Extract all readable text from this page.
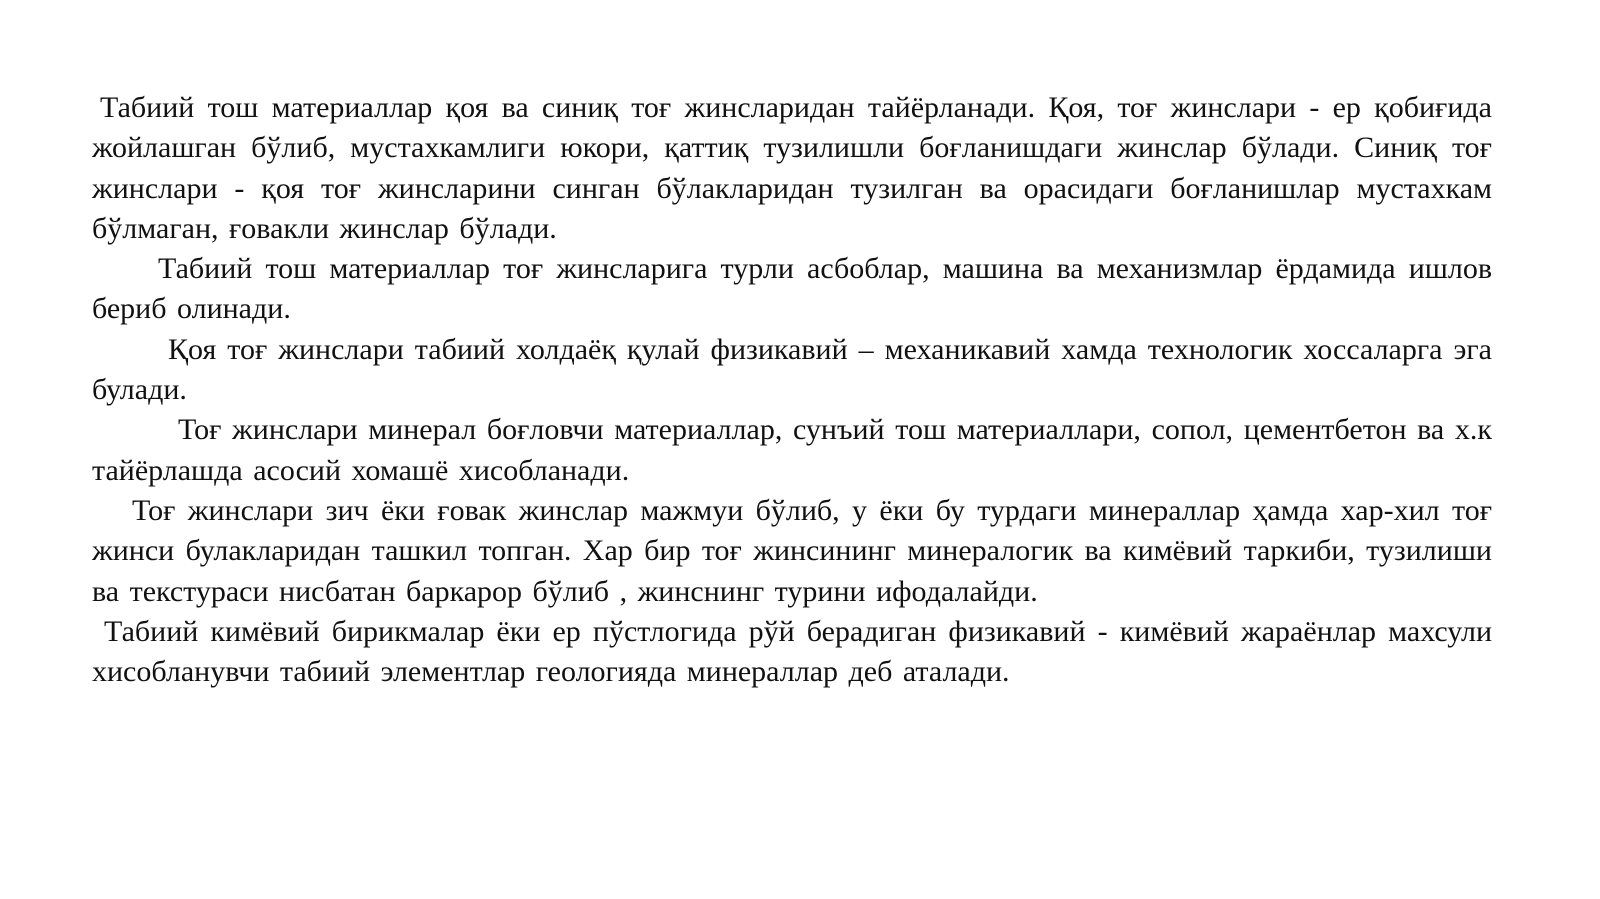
Табиий тош материаллар қоя ва синиқ тоғ жинсларидан тайёрланади. Қоя, тоғ жинслари - ер қобиғида жойлашган бўлиб, мустахкамлиги юкори, қаттиқ тузилишли боғланишдаги жинслар бўлади. Синиқ тоғ жинслари - қоя тоғ жинсларини синган бўлакларидан тузилган ва орасидаги боғланишлар мустахкам бўлмаган, ғовакли жинслар бўлади.

Табиий тош материаллар тоғ жинсларига турли асбоблар, машина ва механизмлар ёрдамида ишлов бериб олинади.

Қоя тоғ жинслари табиий холдаёқ қулай физикавий – механикавий хамда технологик хоссаларга эга булади.

Тоғ жинслари минерал боғловчи материаллар, сунъий тош материаллари, сопол, цементбетон ва х.к тайёрлашда асосий хомашё хисобланади.

Тоғ жинслари зич ёки ғовак жинслар мажмуи бўлиб, у ёки бу турдаги минераллар ҳамда хар-хил тоғ жинси булакларидан ташкил топган. Хар бир тоғ жинсининг минералогик ва кимёвий таркиби, тузилиши ва текстураси нисбатан баркарор бўлиб , жинснинг турини ифодалайди.

Табиий кимёвий бирикмалар ёки ер пўстлогида рўй берадиган физикавий - кимёвий жараёнлар махсули хисобланувчи табиий элементлар геологияда минераллар деб аталади.
